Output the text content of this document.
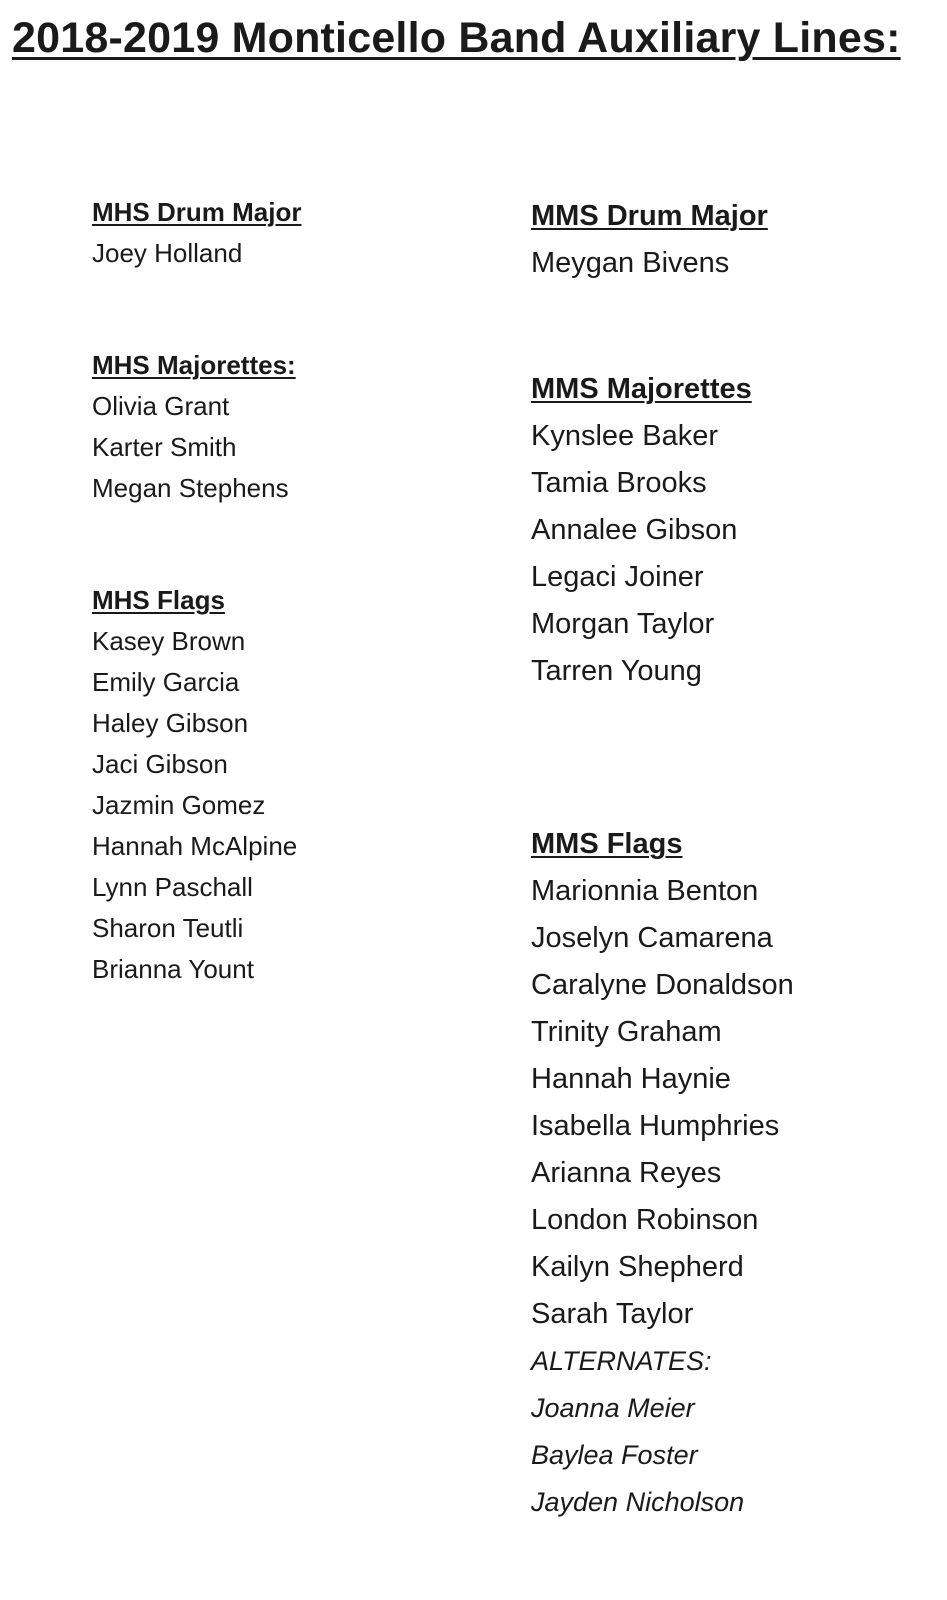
2018-2019 Monticello Band Auxiliary Lines:
MHS Drum Major
Joey Holland
MHS Majorettes:
Olivia Grant
Karter Smith
Megan Stephens
MHS Flags
Kasey Brown
Emily Garcia
Haley Gibson
Jaci Gibson
Jazmin Gomez
Hannah McAlpine
Lynn Paschall
Sharon Teutli
Brianna Yount
MMS Drum Major
Meygan Bivens
MMS Majorettes
Kynslee Baker
Tamia Brooks
Annalee Gibson
Legaci Joiner
Morgan Taylor
Tarren Young
MMS Flags
Marionnia Benton
Joselyn Camarena
Caralyne Donaldson
Trinity Graham
Hannah Haynie
Isabella Humphries
Arianna Reyes
London Robinson
Kailyn Shepherd
Sarah Taylor
ALTERNATES:
Joanna Meier
Baylea Foster
Jayden Nicholson
